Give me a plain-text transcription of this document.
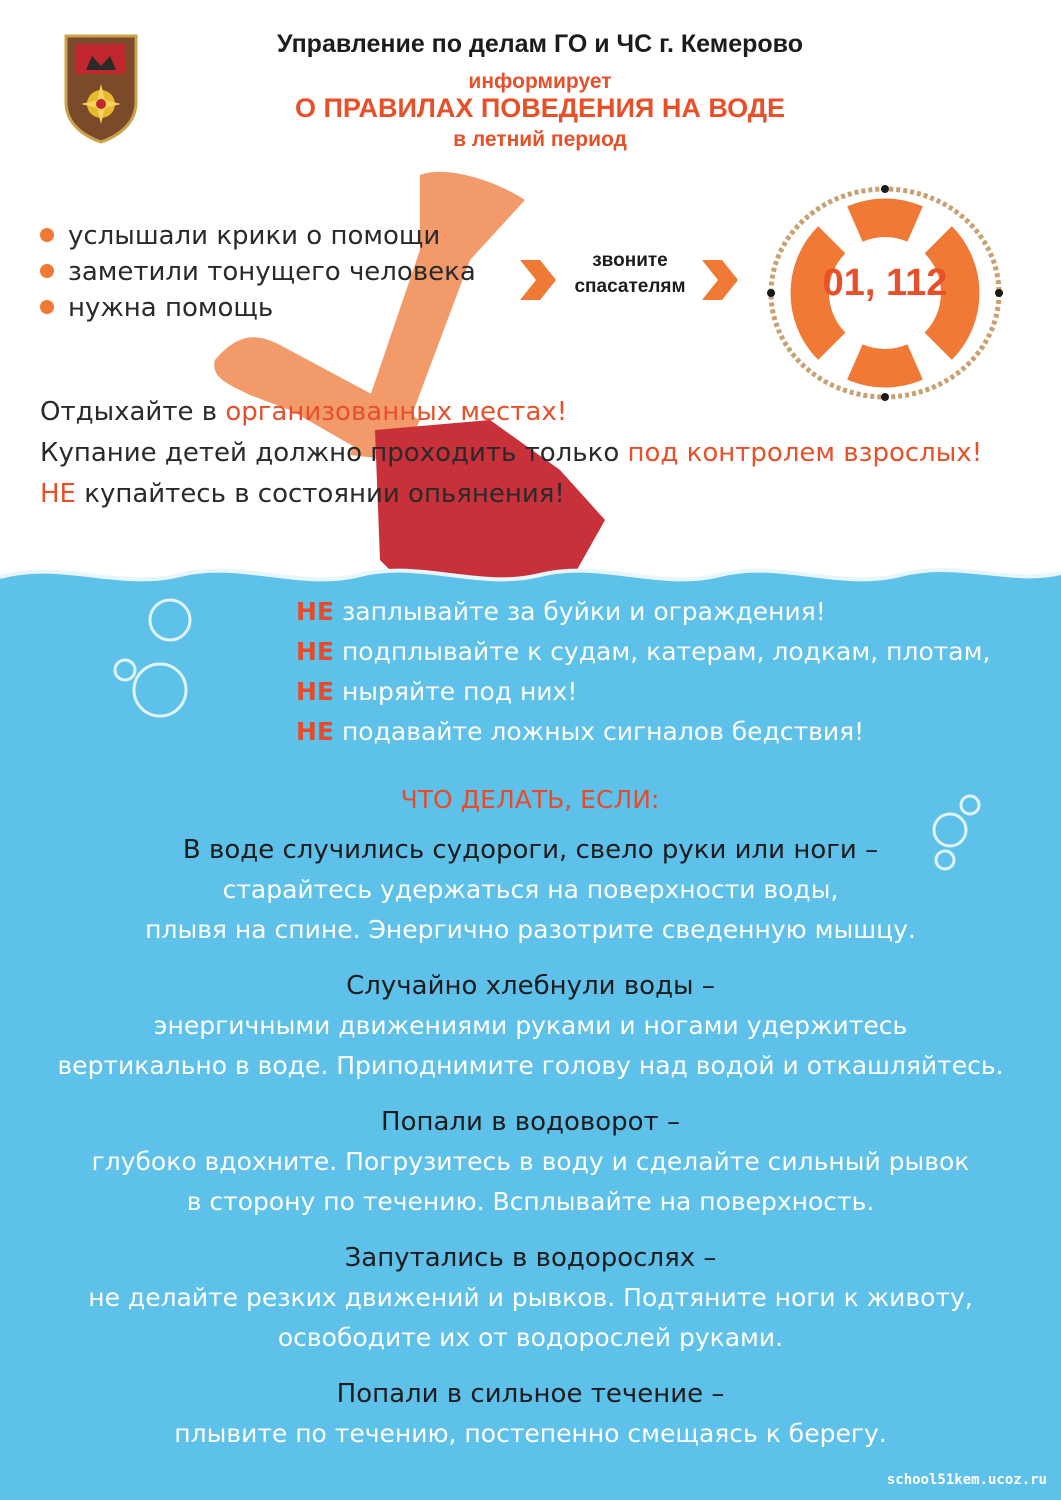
Управление по делам ГО и ЧС г. Кемерово

информирует

О ПРАВИЛАХ ПОВЕДЕНИЯ НА ВОДЕ

в летний период

услышали крики о помощи
заметили тонущего человека
нужна помощь
звоните
спасателям	01, 112
Отдыхайте в организованных местах!
Купание детей должно проходить только под контролем взрослых!
НЕ купайтесь в состоянии опьянения!
НЕ заплывайте за буйки и ограждения!
НЕ подплывайте к судам, катерам, лодкам, плотам,
НЕ ныряйте под них!
НЕ подавайте ложных сигналов бедствия!
ЧТО ДЕЛАТЬ, ЕСЛИ:
В воде случились судороги, свело руки или ноги –
старайтесь удержаться на поверхности воды,
плывя на спине. Энергично разотрите сведенную мышцу.
Случайно хлебнули воды –
энергичными движениями руками и ногами удержитесь
вертикально в воде. Приподнимите голову над водой и откашляйтесь.
Попали в водоворот –
глубоко вдохните. Погрузитесь в воду и сделайте сильный рывок
в сторону по течению. Всплывайте на поверхность.
Запутались в водорослях –
не делайте резких движений и рывков. Подтяните ноги к животу,
освободите их от водорослей руками.
Попали в сильное течение –
плывите по течению, постепенно смещаясь к берегу.
school51kem.ucoz.ru
